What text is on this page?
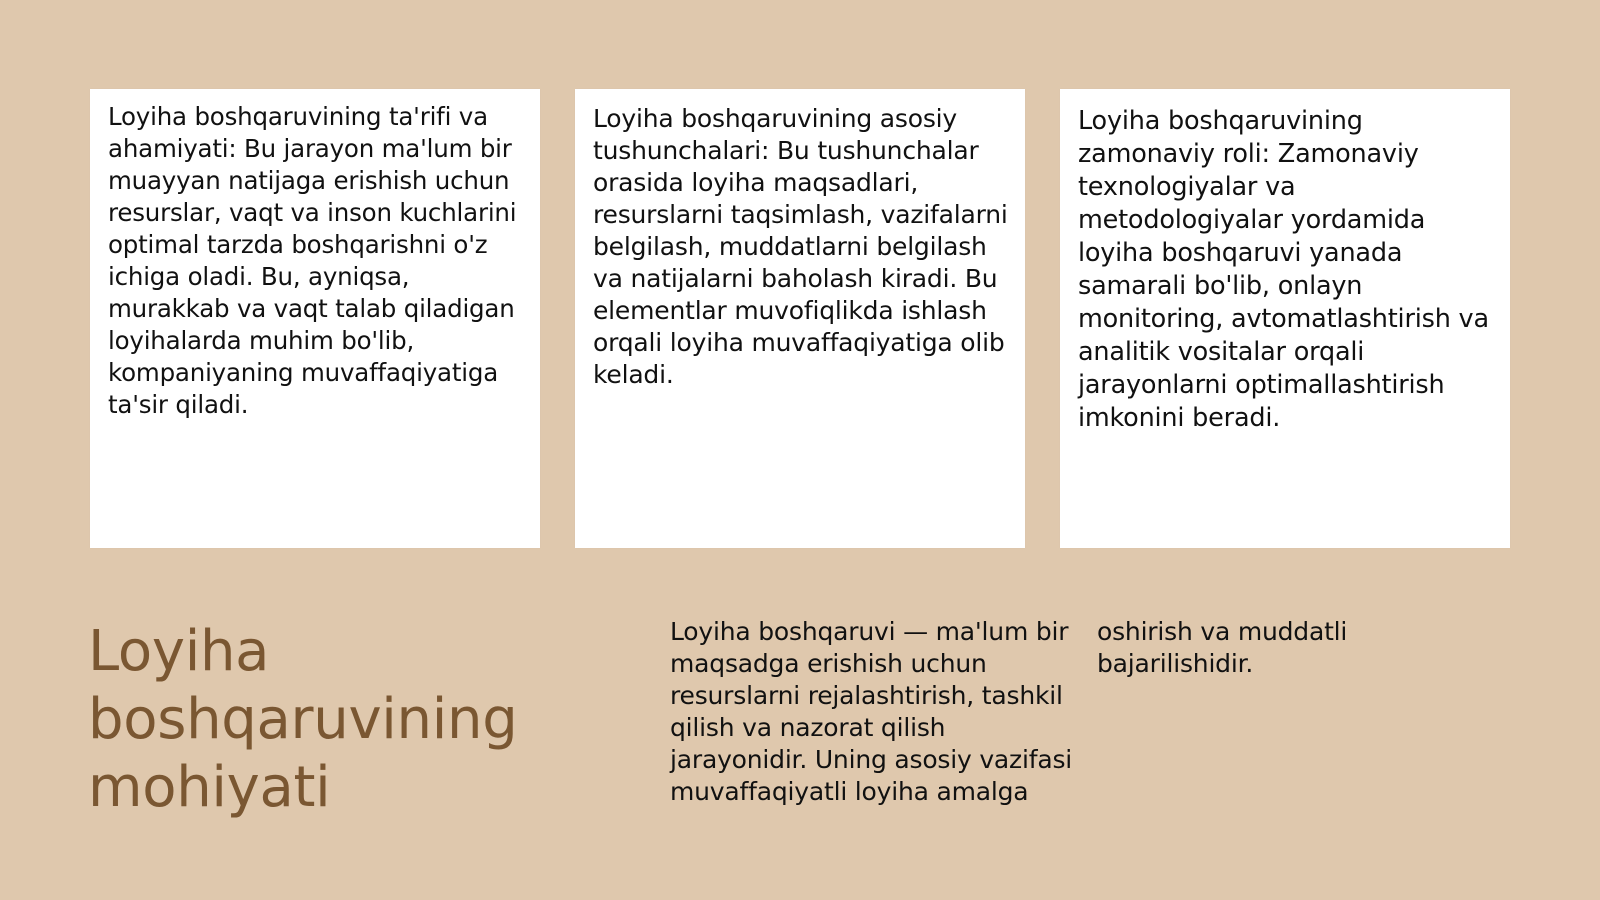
Loyiha boshqaruvining ta'rifi va ahamiyati: Bu jarayon ma'lum bir muayyan natijaga erishish uchun resurslar, vaqt va inson kuchlarini optimal tarzda boshqarishni o'z ichiga oladi. Bu, ayniqsa, murakkab va vaqt talab qiladigan loyihalarda muhim bo'lib, kompaniyaning muvaffaqiyatiga ta'sir qiladi.

Loyiha boshqaruvining asosiy tushunchalari: Bu tushunchalar orasida loyiha maqsadlari, resurslarni taqsimlash, vazifalarni belgilash, muddatlarni belgilash va natijalarni baholash kiradi. Bu elementlar muvofiqlikda ishlash orqali loyiha muvaffaqiyatiga olib keladi.

Loyiha boshqaruvining zamonaviy roli: Zamonaviy texnologiyalar va metodologiyalar yordamida loyiha boshqaruvi yanada samarali bo'lib, onlayn monitoring, avtomatlashtirish va analitik vositalar orqali jarayonlarni optimallashtirish imkonini beradi.

Loyiha boshqaruvining mohiyati

Loyiha boshqaruvi — ma'lum bir maqsadga erishish uchun resurslarni rejalashtirish, tashkil qilish va nazorat qilish jarayonidir. Uning asosiy vazifasi muvaffaqiyatli loyiha amalga oshirish va muddatli bajarilishidir.
